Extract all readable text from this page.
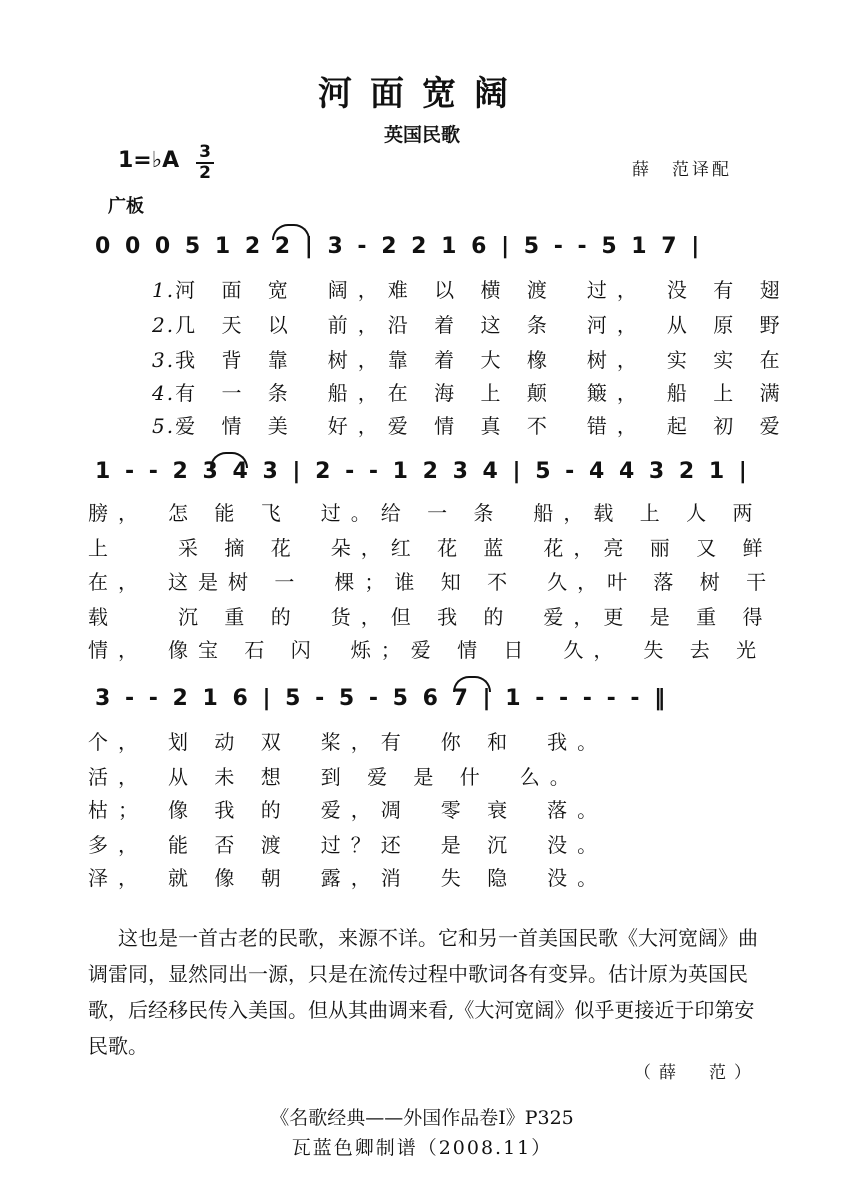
河面宽阔
英国民歌
1=♭A 3
2	薛　范译配
广板
0 0 0 5 1 2 2 | 3 - 2 2 1 6 | 5 - - 5 1 7 |
1.河 面 宽　阔，难 以 横 渡　过，　没 有 翅
2.几 天 以　前，沿 着 这 条　河，　从 原 野
3.我 背 靠　树，靠 着 大 橡　树，　实 实 在
4.有 一 条　船，在 海 上 颠　簸，　船 上 满
5.爱 情 美　好，爱 情 真 不　错，　起 初 爱
1 - - 2 3 4 3 | 2 - - 1 2 3 4 | 5 - 4 4 3 2 1 |
膀，　怎 能 飞　过。给 一 条　船，载 上 人 两
上　　采 摘 花　朵，红 花 蓝　花，亮 丽 又 鲜
在，　这是树 一　棵；谁 知 不　久，叶 落 树 干
载　　沉 重 的　货，但 我 的　爱，更 是 重 得
情，　像宝 石 闪　烁；爱 情 日　久，　失 去 光
3 - - 2 1 6 | 5 - 5 - 5 6 7 | 1 - - - - - ‖
个，　划 动 双　桨，有　你 和　我。
活，　从 未 想　到 爱 是 什　么。
枯；　像 我 的　爱，凋　零 衰　落。
多，　能 否 渡　过？还　是 沉　没。
泽，　就 像 朝　露，消　失 隐　没。

这也是一首古老的民歌，来源不详。它和另一首美国民歌《大河宽阔》曲调雷同，显然同出一源，只是在流传过程中歌词各有变异。估计原为英国民歌，后经移民传入美国。但从其曲调来看,《大河宽阔》似乎更接近于印第安民歌。

（薛　范）
《名歌经典——外国作品卷Ⅰ》P325
瓦蓝色卿制谱（2008.11）
